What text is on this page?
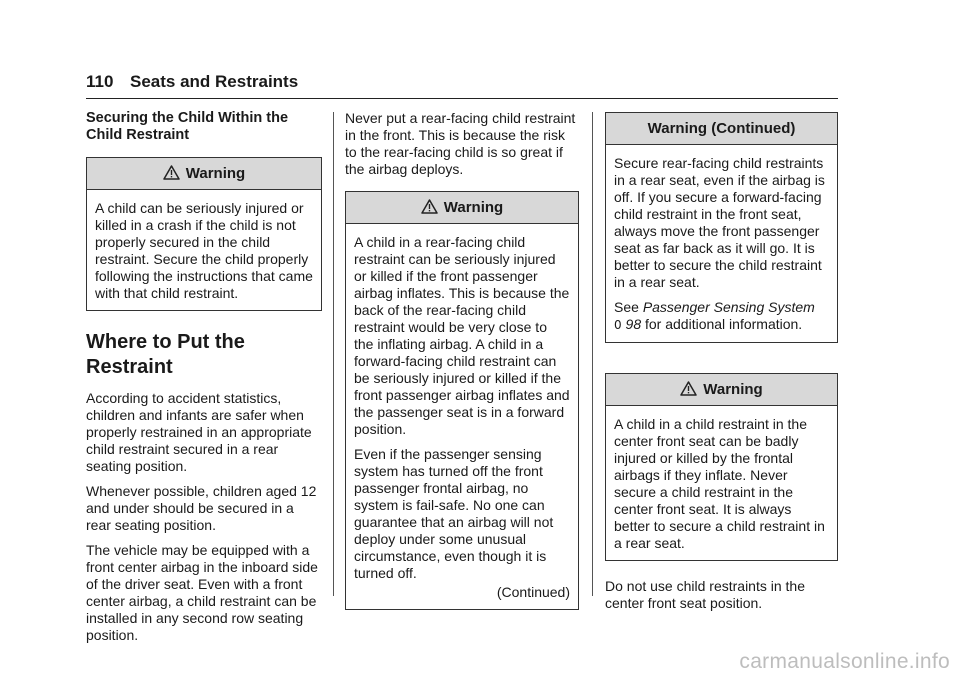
110 Seats and Restraints

Securing the Child Within the Child Restraint

Warning

A child can be seriously injured or killed in a crash if the child is not properly secured in the child restraint. Secure the child properly following the instructions that came with that child restraint.

Where to Put the Restraint

According to accident statistics, children and infants are safer when properly restrained in an appropriate child restraint secured in a rear seating position.

Whenever possible, children aged 12 and under should be secured in a rear seating position.

The vehicle may be equipped with a front center airbag in the inboard side of the driver seat. Even with a front center airbag, a child restraint can be installed in any second row seating position.

Never put a rear-facing child restraint in the front. This is because the risk to the rear-facing child is so great if the airbag deploys.

Warning

A child in a rear-facing child restraint can be seriously injured or killed if the front passenger airbag inflates. This is because the back of the rear-facing child restraint would be very close to the inflating airbag. A child in a forward-facing child restraint can be seriously injured or killed if the front passenger airbag inflates and the passenger seat is in a forward position.

Even if the passenger sensing system has turned off the front passenger frontal airbag, no system is fail-safe. No one can guarantee that an airbag will not deploy under some unusual circumstance, even though it is turned off.

(Continued)
Warning (Continued)

Secure rear-facing child restraints in a rear seat, even if the airbag is off. If you secure a forward-facing child restraint in the front seat, always move the front passenger seat as far back as it will go. It is better to secure the child restraint in a rear seat.

See Passenger Sensing System
0 98 for additional information.

Warning

A child in a child restraint in the center front seat can be badly injured or killed by the frontal airbags if they inflate. Never secure a child restraint in the center front seat. It is always better to secure a child restraint in a rear seat.

Do not use child restraints in the center front seat position.

carmanualsonline.info
